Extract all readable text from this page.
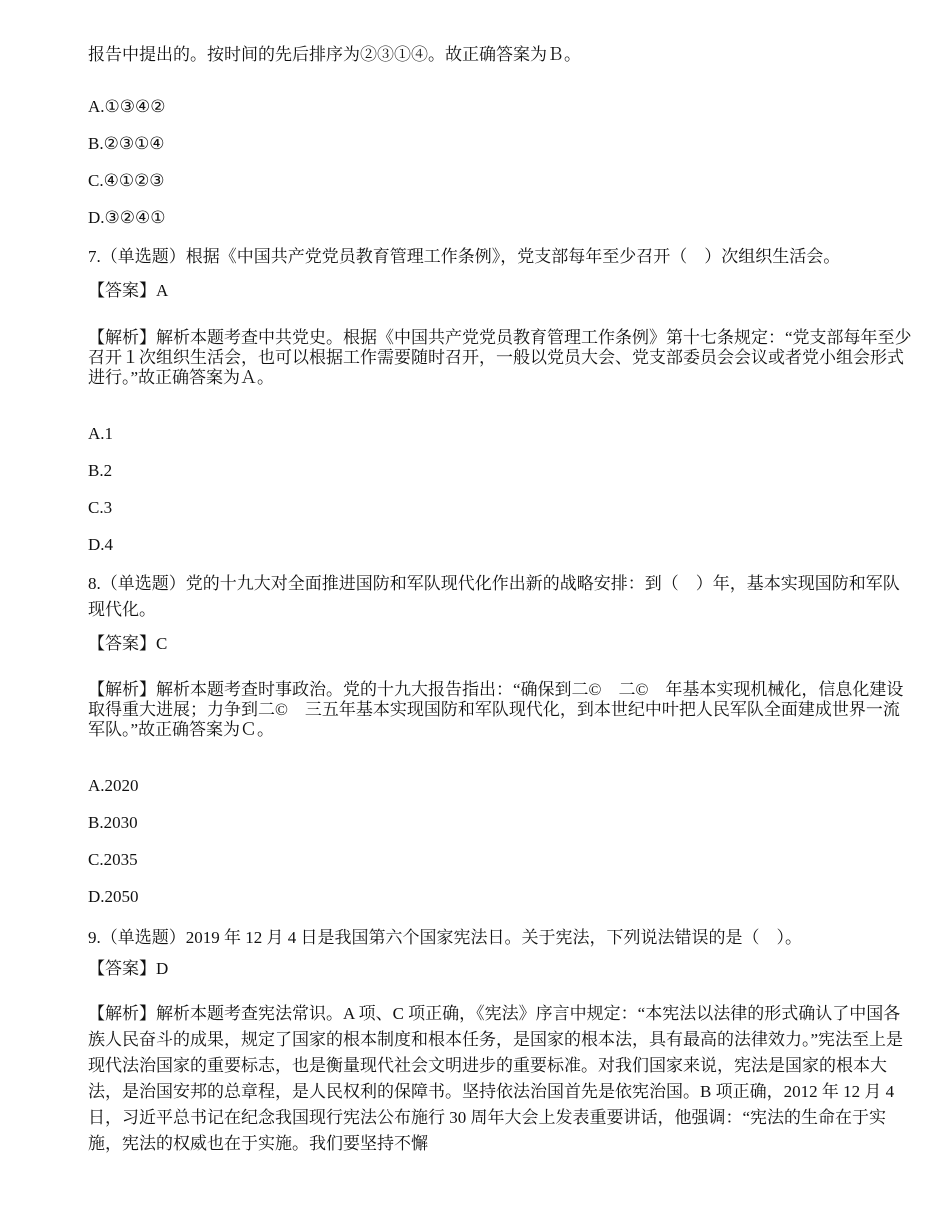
报告中提出的。按时间的先后排序为②③①④。故正确答案为Ｂ。
A.①③④②
B.②③①④
C.④①②③
D.③②④①
7.（单选题）根据《中国共产党党员教育管理工作条例》，党支部每年至少召开（　）次组织生活会。
【答案】A
【解析】解析本题考查中共党史。根据《中国共产党党员教育管理工作条例》第十七条规定：“党支部每年至少召开１次组织生活会，也可以根据工作需要随时召开，一般以党员大会、党支部委员会会议或者党小组会形式进行。”故正确答案为Ａ。
A.1
B.2
C.3
D.4
8.（单选题）党的十九大对全面推进国防和军队现代化作出新的战略安排：到（　）年，基本实现国防和军队现代化。
【答案】C
【解析】解析本题考查时事政治。党的十九大报告指出：“确保到二©　二©　年基本实现机械化，信息化建设取得重大进展；力争到二©　三五年基本实现国防和军队现代化，到本世纪中叶把人民军队全面建成世界一流军队。”故正确答案为Ｃ。
A.2020
B.2030
C.2035
D.2050
9.（单选题）2019 年 12 月 4 日是我国第六个国家宪法日。关于宪法，下列说法错误的是（　）。
【答案】D
【解析】解析本题考查宪法常识。A 项、C 项正确，《宪法》序言中规定：“本宪法以法律的形式确认了中国各族人民奋斗的成果，规定了国家的根本制度和根本任务，是国家的根本法，具有最高的法律效力。”宪法至上是现代法治国家的重要标志，也是衡量现代社会文明进步的重要标准。对我们国家来说，宪法是国家的根本大法，是治国安邦的总章程，是人民权利的保障书。坚持依法治国首先是依宪治国。B 项正确，2012 年 12 月 4 日，习近平总书记在纪念我国现行宪法公布施行 30 周年大会上发表重要讲话，他强调：“宪法的生命在于实施，宪法的权威也在于实施。我们要坚持不懈
